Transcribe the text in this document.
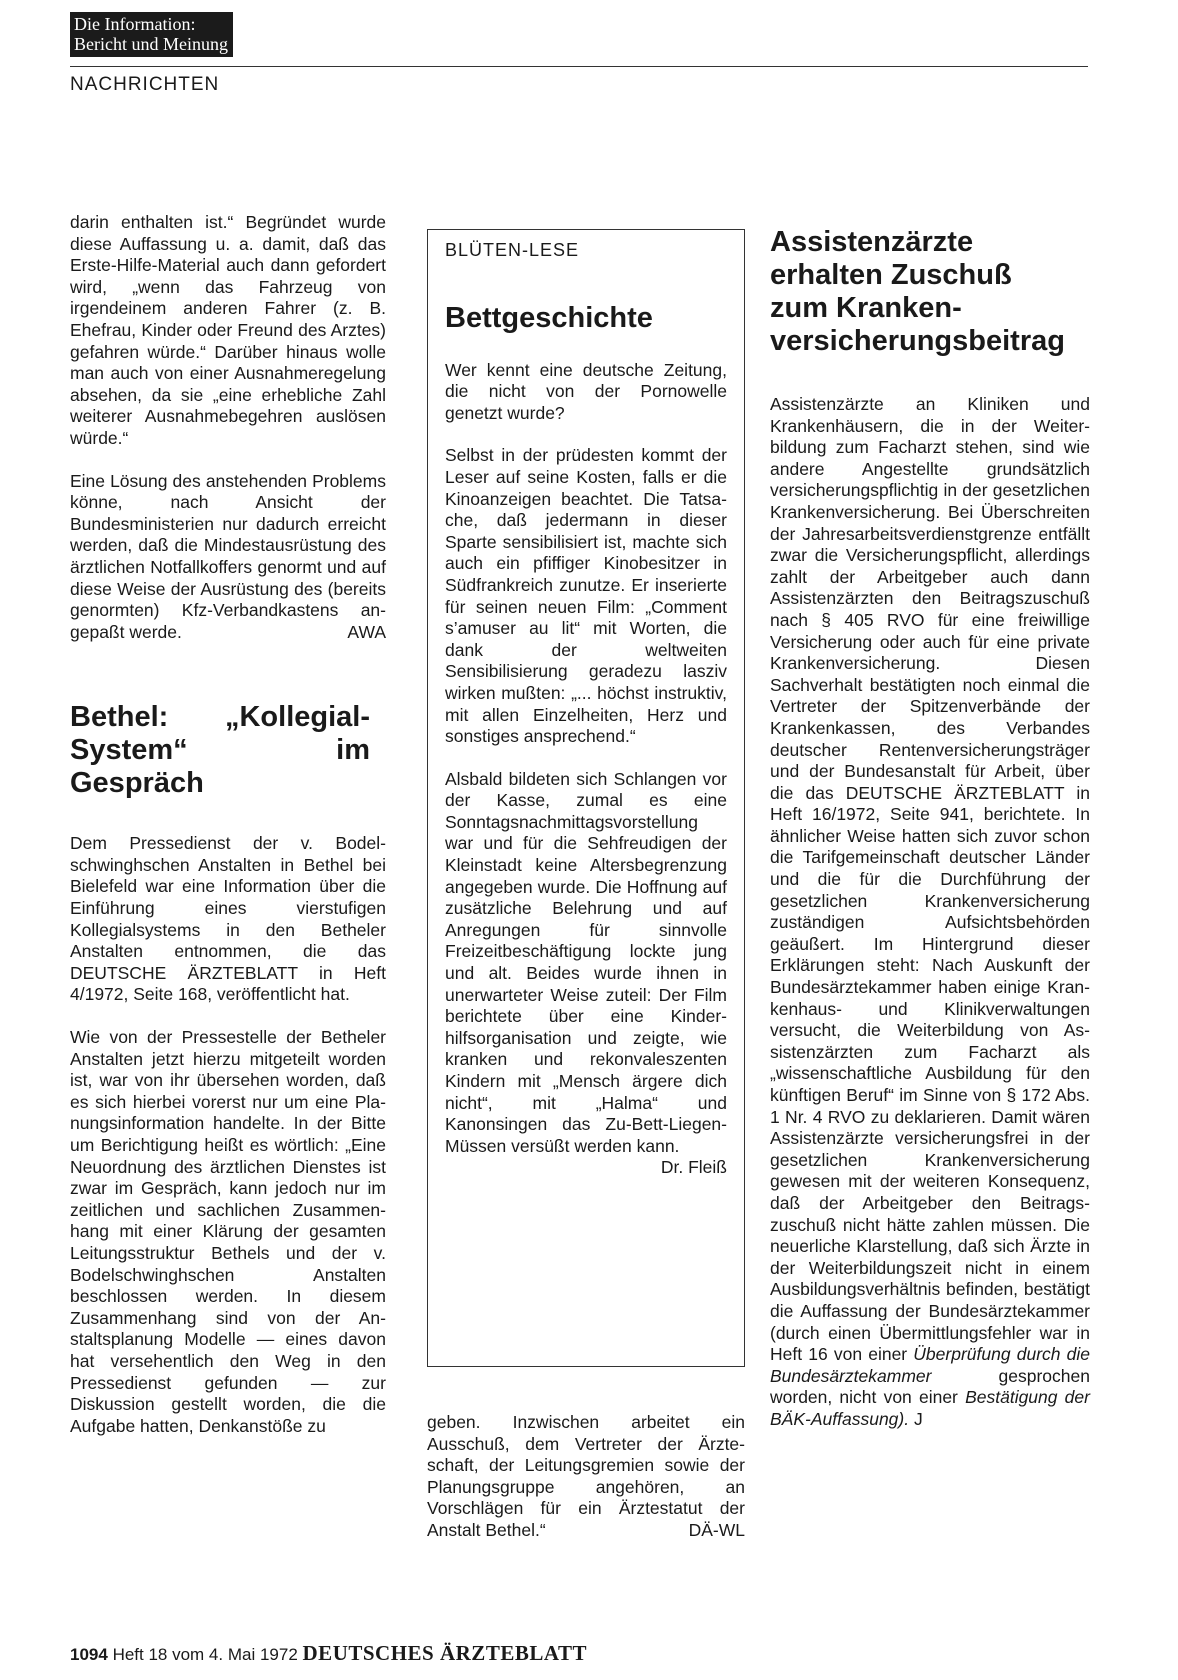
Die Information:
Bericht und Meinung
NACHRICHTEN

darin enthalten ist.“ Begründet wurde diese Auffassung u. a. damit, daß das Erste-Hilfe-Material auch dann gefordert wird, „wenn das Fahrzeug von irgendeinem anderen Fahrer (z. B. Ehefrau, Kinder oder Freund des Arztes) gefahren würde.“ Darüber hinaus wolle man auch von einer Ausnahmeregelung absehen, da sie „eine erhebliche Zahl weiterer Ausnahmebegehren auslösen würde.“

Eine Lösung des anstehenden Problems könne, nach Ansicht der Bundesministerien nur dadurch erreicht werden, daß die Mindestausrüstung des ärztlichen Notfallkoffers genormt und auf diese Weise der Ausrüstung des (bereits genormten) Kfz-Verbandkastens angepaßt werde.	AWA

Bethel: „Kollegial-System“ im Gespräch

Dem Pressedienst der v. Bodelschwinghschen Anstalten in Bethel bei Bielefeld war eine Information über die Einführung eines vierstufigen Kollegialsystems in den Betheler Anstalten entnommen, die das DEUTSCHE ÄRZTEBLATT in Heft 4/1972, Seite 168, veröffentlicht hat.

Wie von der Pressestelle der Betheler Anstalten jetzt hierzu mitgeteilt worden ist, war von ihr übersehen worden, daß es sich hierbei vorerst nur um eine Planungsinformation handelte. In der Bitte um Berichtigung heißt es wörtlich: „Eine Neuordnung des ärztlichen Dienstes ist zwar im Gespräch, kann jedoch nur im zeitlichen und sachlichen Zusammenhang mit einer Klärung der gesamten Leitungsstruktur Bethels und der v. Bodelschwinghschen Anstalten beschlossen werden. In diesem Zusammenhang sind von der Anstaltsplanung Modelle — eines davon hat versehentlich den Weg in den Pressedienst gefunden — zur Diskussion gestellt worden, die die Aufgabe hatten, Denkanstöße zu

BLÜTEN-LESE
Bettgeschichte

Wer kennt eine deutsche Zeitung, die nicht von der Pornowelle genetzt wurde?

Selbst in der prüdesten kommt der Leser auf seine Kosten, falls er die Kinoanzeigen beachtet. Die Tatsache, daß jedermann in dieser Sparte sensibilisiert ist, machte sich auch ein pfiffiger Kinobesitzer in Südfrankreich zunutze. Er inserierte für seinen neuen Film: „Comment s’amuser au lit“ mit Worten, die dank der weltweiten Sensibilisierung geradezu lasziv wirken mußten: „... höchst instruktiv, mit allen Einzelheiten, Herz und sonstiges ansprechend.“

Alsbald bildeten sich Schlangen vor der Kasse, zumal es eine Sonntagsnachmittagsvorstellung war und für die Sehfreudigen der Kleinstadt keine Altersbegrenzung angegeben wurde. Die Hoffnung auf zusätzliche Belehrung und auf Anregungen für sinnvolle Freizeitbeschäftigung lockte jung und alt. Beides wurde ihnen in unerwarteter Weise zuteil: Der Film berichtete über eine Kinderhilfsorganisation und zeigte, wie kranken und rekonvaleszenten Kindern mit „Mensch ärgere dich nicht“, mit „Halma“ und Kanonsingen das Zu-Bett-Liegen-Müssen versüßt werden kann.
Dr. Fleiß

geben. Inzwischen arbeitet ein Ausschuß, dem Vertreter der Ärzteschaft, der Leitungsgremien sowie der Planungsgruppe angehören, an Vorschlägen für ein Ärztestatut der Anstalt Bethel.“	DÄ-WL

Assistenzärzte erhalten Zuschuß zum Krankenversicherungsbeitrag

Assistenzärzte an Kliniken und Krankenhäusern, die in der Weiterbildung zum Facharzt stehen, sind wie andere Angestellte grundsätzlich versicherungspflichtig in der gesetzlichen Krankenversicherung. Bei Überschreiten der Jahresarbeitsverdienstgrenze entfällt zwar die Versicherungspflicht, allerdings zahlt der Arbeitgeber auch dann Assistenzärzten den Beitragszuschuß nach § 405 RVO für eine freiwillige Versicherung oder auch für eine private Krankenversicherung. Diesen Sachverhalt bestätigten noch einmal die Vertreter der Spitzenverbände der Krankenkassen, des Verbandes deutscher Rentenversicherungsträger und der Bundesanstalt für Arbeit, über die das DEUTSCHE ÄRZTEBLATT in Heft 16/1972, Seite 941, berichtete. In ähnlicher Weise hatten sich zuvor schon die Tarifgemeinschaft deutscher Länder und die für die Durchführung der gesetzlichen Krankenversicherung zuständigen Aufsichtsbehörden geäußert. Im Hintergrund dieser Erklärungen steht: Nach Auskunft der Bundesärztekammer haben einige Krankenhaus- und Klinikverwaltungen versucht, die Weiterbildung von Assistenzärzten zum Facharzt als „wissenschaftliche Ausbildung für den künftigen Beruf“ im Sinne von § 172 Abs. 1 Nr. 4 RVO zu deklarieren. Damit wären Assistenzärzte versicherungsfrei in der gesetzlichen Krankenversicherung gewesen mit der weiteren Konsequenz, daß der Arbeitgeber den Beitragszuschuß nicht hätte zahlen müssen. Die neuerliche Klarstellung, daß sich Ärzte in der Weiterbildungszeit nicht in einem Ausbildungsverhältnis befinden, bestätigt die Auffassung der Bundesärztekammer (durch einen Übermittlungsfehler war in Heft 16 von einer Überprüfung durch die Bundesärztekammer	gesprochen worden, nicht von einer Bestätigung der BÄK-Auffassung). J

1094 Heft 18 vom 4. Mai 1972 DEUTSCHES ÄRZTEBLATT
